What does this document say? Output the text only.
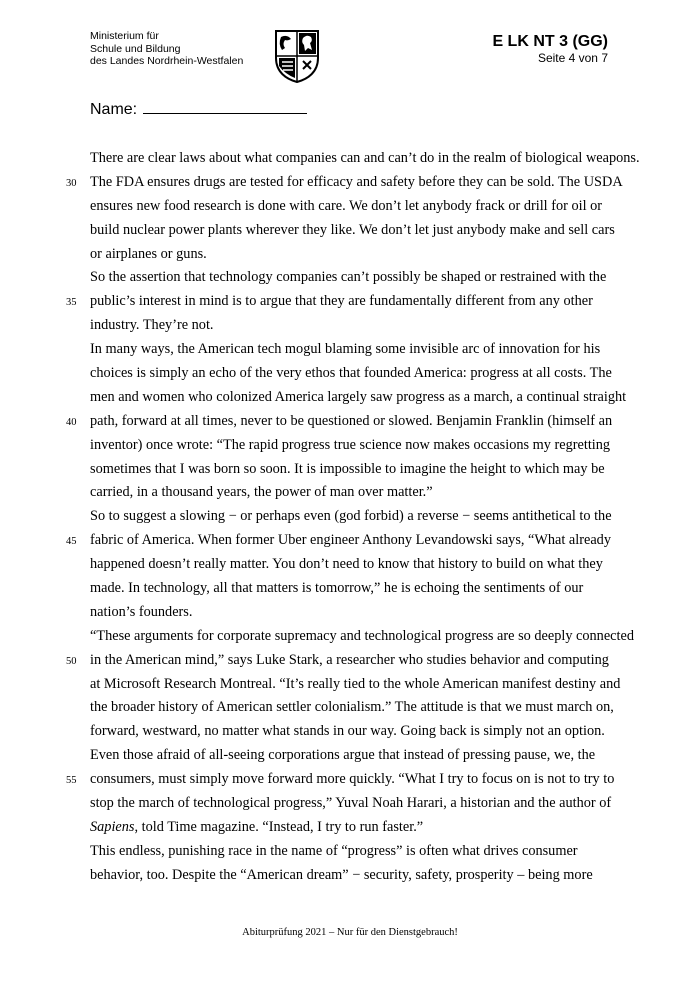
Ministerium für
Schule und Bildung
des Landes Nordrhein-Westfalen
E LK NT 3 (GG)
Seite 4 von 7
Name:
There are clear laws about what companies can and can’t do in the realm of biological weapons.
30 The FDA ensures drugs are tested for efficacy and safety before they can be sold. The USDA
ensures new food research is done with care. We don’t let anybody frack or drill for oil or
build nuclear power plants wherever they like. We don’t let just anybody make and sell cars
or airplanes or guns.
So the assertion that technology companies can’t possibly be shaped or restrained with the
35 public’s interest in mind is to argue that they are fundamentally different from any other
industry. They’re not.
In many ways, the American tech mogul blaming some invisible arc of innovation for his
choices is simply an echo of the very ethos that founded America: progress at all costs. The
men and women who colonized America largely saw progress as a march, a continual straight
40 path, forward at all times, never to be questioned or slowed. Benjamin Franklin (himself an
inventor) once wrote: “The rapid progress true science now makes occasions my regretting
sometimes that I was born so soon. It is impossible to imagine the height to which may be
carried, in a thousand years, the power of man over matter.”
So to suggest a slowing − or perhaps even (god forbid) a reverse − seems antithetical to the
45 fabric of America. When former Uber engineer Anthony Levandowski says, “What already
happened doesn’t really matter. You don’t need to know that history to build on what they
made. In technology, all that matters is tomorrow,” he is echoing the sentiments of our
nation’s founders.
“These arguments for corporate supremacy and technological progress are so deeply connected
50 in the American mind,” says Luke Stark, a researcher who studies behavior and computing
at Microsoft Research Montreal. “It’s really tied to the whole American manifest destiny and
the broader history of American settler colonialism.” The attitude is that we must march on,
forward, westward, no matter what stands in our way. Going back is simply not an option.
Even those afraid of all-seeing corporations argue that instead of pressing pause, we, the
55 consumers, must simply move forward more quickly. “What I try to focus on is not to try to
stop the march of technological progress,” Yuval Noah Harari, a historian and the author of
Sapiens, told Time magazine. “Instead, I try to run faster.”
This endless, punishing race in the name of “progress” is often what drives consumer
behavior, too. Despite the “American dream” − security, safety, prosperity – being more
Abiturprüfung 2021 – Nur für den Dienstgebrauch!
